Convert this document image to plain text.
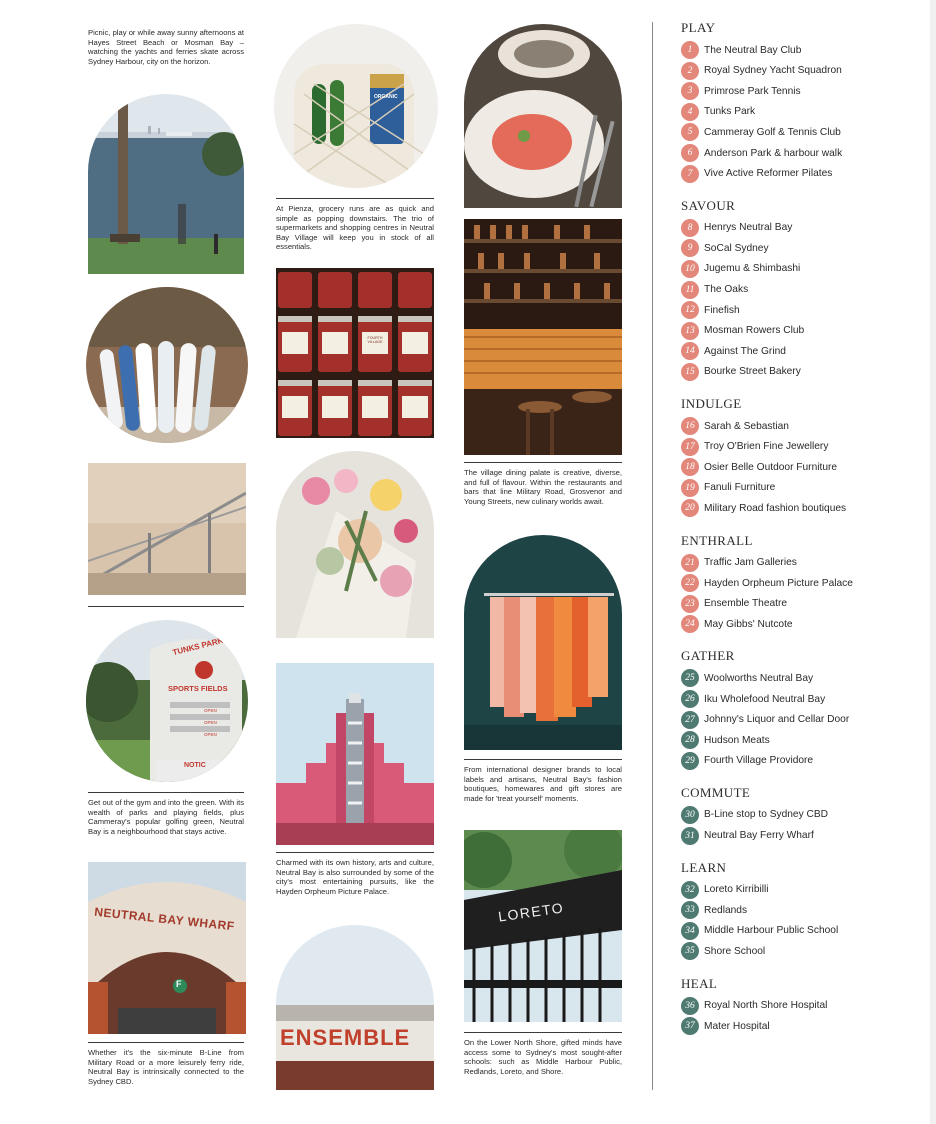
Picnic, play or while away sunny afternoons at Hayes Street Beach or Mosman Bay – watching the yachts and ferries skate across Sydney Harbour, city on the horizon.

TUNKS PARK
SPORTS FIELDS
OPEN
OPEN
OPEN
NOTIC

Get out of the gym and into the green. With its wealth of parks and playing fields, plus Cammeray's popular golfing green, Neutral Bay is a neighbourhood that stays active.

NEUTRAL BAY WHARF
F

Whether it's the six-minute B-Line from Military Road or a more leisurely ferry ride, Neutral Bay is intrinsically connected to the Sydney CBD.

ORGANIC

At Pienza, grocery runs are as quick and simple as popping downstairs. The trio of supermarkets and shopping centres in Neutral Bay Village will keep you in stock of all essentials.

FOURTH VILLAGE

Charmed with its own history, arts and culture, Neutral Bay is also surrounded by some of the city's most entertaining pursuits, like the Hayden Orpheum Picture Palace.

ENSEMBLE

The village dining palate is creative, diverse, and full of flavour. Within the restaurants and bars that line Military Road, Grosvenor and Young Streets, new culinary worlds await.

From international designer brands to local labels and artisans, Neutral Bay's fashion boutiques, homewares and gift stores are made for 'treat yourself' moments.

LORETO

On the Lower North Shore, gifted minds have access some to Sydney's most sought-after schools: such as Middle Harbour Public, Redlands, Loreto, and Shore.

PLAY
1	The Neutral Bay Club
2	Royal Sydney Yacht Squadron
3	Primrose Park Tennis
4	Tunks Park
5	Cammeray Golf & Tennis Club
6	Anderson Park & harbour walk
7	Vive Active Reformer Pilates
SAVOUR
8	Henrys Neutral Bay
9	SoCal Sydney
10 Jugemu & Shimbashi
11 The Oaks
12 Finefish
13 Mosman Rowers Club
14 Against The Grind
15 Bourke Street Bakery
INDULGE
16 Sarah & Sebastian
17 Troy O'Brien Fine Jewellery
18 Osier Belle Outdoor Furniture
19 Fanuli Furniture
20 Military Road fashion boutiques
ENTHRALL
21 Traffic Jam Galleries
22 Hayden Orpheum Picture Palace
23 Ensemble Theatre
24 May Gibbs' Nutcote
GATHER
25 Woolworths Neutral Bay
26 Iku Wholefood Neutral Bay
27 Johnny's Liquor and Cellar Door
28 Hudson Meats
29 Fourth Village Providore
COMMUTE
30 B-Line stop to Sydney CBD
31 Neutral Bay Ferry Wharf
LEARN
32 Loreto Kirribilli
33 Redlands
34 Middle Harbour Public School
35 Shore School
HEAL
36 Royal North Shore Hospital
37 Mater Hospital
